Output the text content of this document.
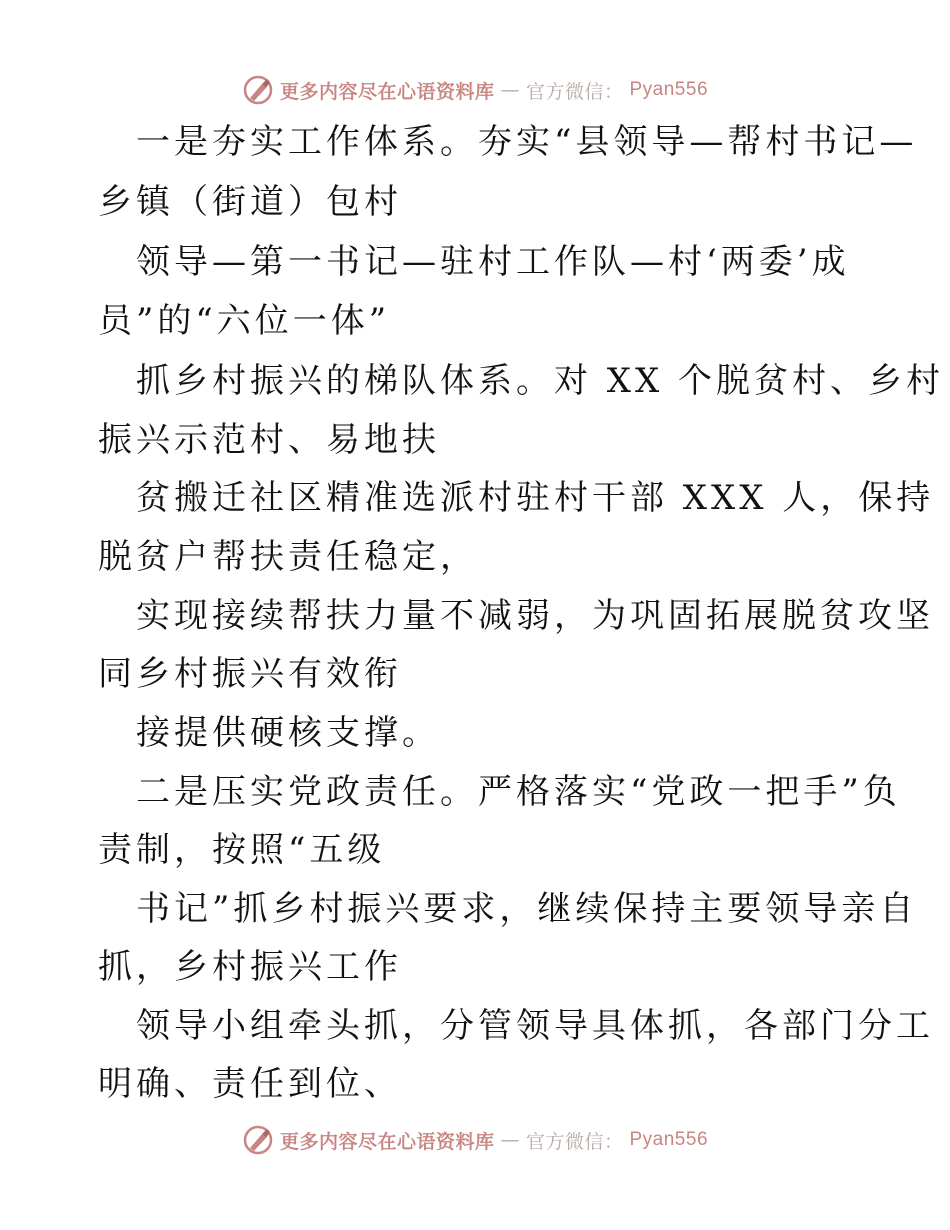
更多内容尽在心语资料库 — 官方微信： Pyan556
一是夯实工作体系。夯实“县领导—帮村书记—
乡镇（街道）包村
领导—第一书记—驻村工作队—村‘两委’成
员”的“六位一体”
抓乡村振兴的梯队体系。对 XX 个脱贫村、乡村
振兴示范村、易地扶
贫搬迁社区精准选派村驻村干部 XXX 人，保持
脱贫户帮扶责任稳定，
实现接续帮扶力量不减弱，为巩固拓展脱贫攻坚
同乡村振兴有效衔
接提供硬核支撑。
二是压实党政责任。严格落实“党政一把手”负
责制，按照“五级
书记”抓乡村振兴要求，继续保持主要领导亲自
抓，乡村振兴工作
领导小组牵头抓，分管领导具体抓，各部门分工
明确、责任到位、
更多内容尽在心语资料库 — 官方微信： Pyan556
